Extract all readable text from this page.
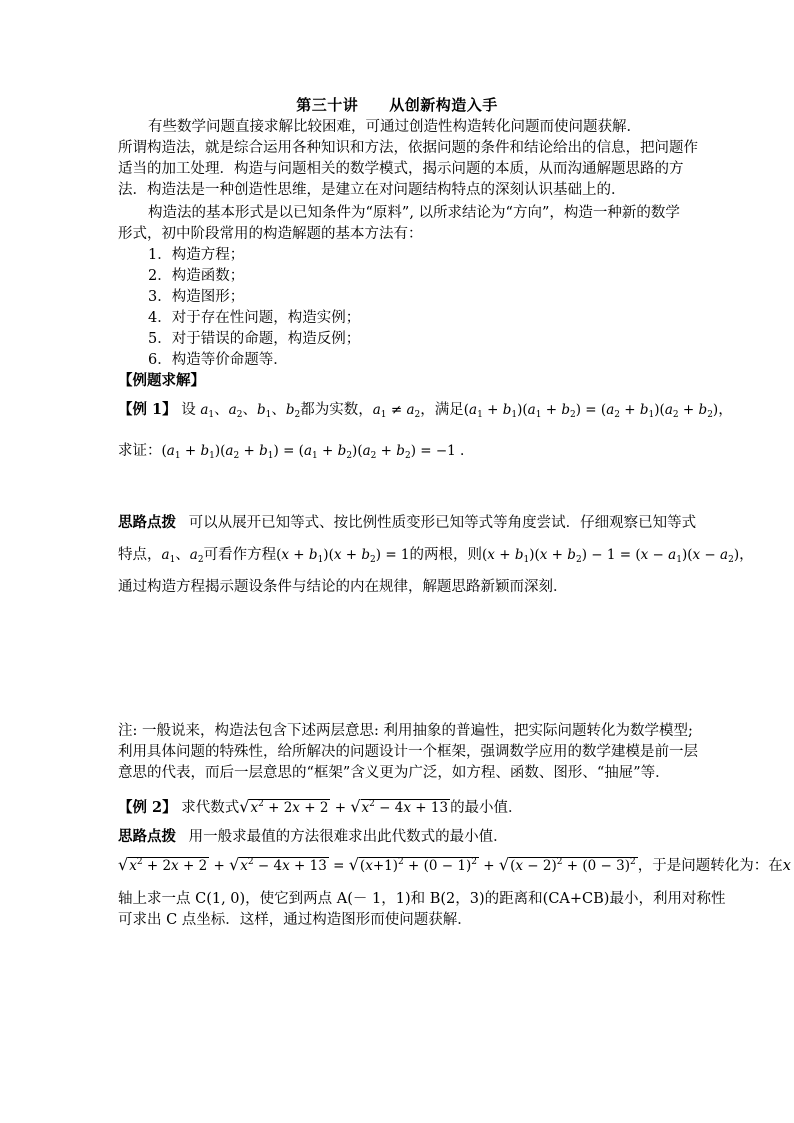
第三十讲　　从创新构造入手
有些数学问题直接求解比较困难，可通过创造性构造转化问题而使问题获解．
所谓构造法，就是综合运用各种知识和方法，依据问题的条件和结论给出的信息，把问题作
适当的加工处理．构造与问题相关的数学模式，揭示问题的本质，从而沟通解题思路的方
法．构造法是一种创造性思维，是建立在对问题结构特点的深刻认识基础上的．
构造法的基本形式是以已知条件为“原料”, 以所求结论为“方向”，构造一种新的数学
形式，初中阶段常用的构造解题的基本方法有：
1．构造方程；
2．构造函数；
3．构造图形；
4．对于存在性问题，构造实例；
5．对于错误的命题，构造反例；
6．构造等价命题等．
【例题求解】
【例 1】 设 $a_1$、$a_2$、$b_1$、$b_2$都为实数，$a_1 \ne a_2$，满足$(a_1 + b_1)(a_1 + b_2) = (a_2 + b_1)(a_2 + b_2)$，
求证：$(a_1 + b_1)(a_2 + b_1) = (a_1 + b_2)(a_2 + b_2) = -1$ .
思路点拨 可以从展开已知等式、按比例性质变形已知等式等角度尝试．仔细观察已知等式
特点，$a_1$、$a_2$可看作方程$(x + b_1)(x + b_2) = 1$的两根，则$(x + b_1)(x + b_2) - 1 = (x - a_1)(x - a_2)$，
通过构造方程揭示题设条件与结论的内在规律，解题思路新颖而深刻．
注: 一般说来，构造法包含下述两层意思: 利用抽象的普遍性，把实际问题转化为数学模型;
利用具体问题的特殊性，给所解决的问题设计一个框架，强调数学应用的数学建模是前一层
意思的代表，而后一层意思的“框架”含义更为广泛，如方程、函数、图形、“抽屉”等．
【例 2】 求代数式$√x^2 + 2x + 2 + √x^2 - 4x + 13$ 的最小值．
思路点拨 用一般求最值的方法很难求出此代数式的最小值．
$√x^2 + 2x + 2 + √x^2 - 4x + 13 = √(x+1)^2 + (0 - 1)^2 + √(x - 2)^2 + (0 - 3)^2$ ，于是问题转化为：在x
轴上求一点 C(1, 0)，使它到两点 A(－ 1，1)和 B(2，3)的距离和(CA+CB)最小，利用对称性
可求出 C 点坐标．这样，通过构造图形而使问题获解．
